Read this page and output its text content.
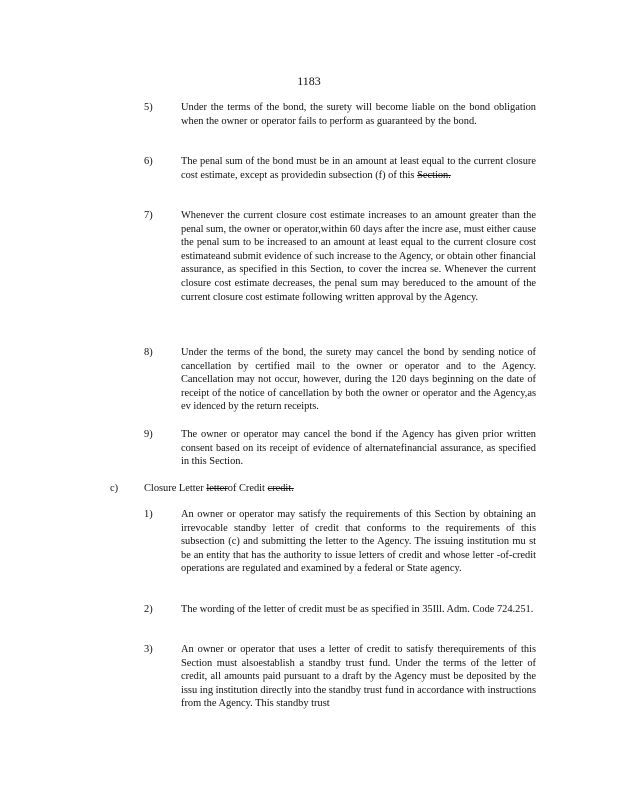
1183
5)	Under the terms of the bond, the surety will become liable on the bond obligation when the owner or operator fails to perform as guaranteed by the bond.
6)	The penal sum of the bond must be in an amount at least equal to the current closure cost estimate, except as providedin subsection (f) of this Section.
7)	Whenever the current closure cost estimate increases to an amount greater than the penal sum, the owner or operator,within 60 days after the incre ase, must either cause the penal sum to be increased to an amount at least equal to the current closure cost estimateand submit evidence of such increase to the Agency, or obtain other financial assurance, as specified in this Section, to cover the increa se. Whenever the current closure cost estimate decreases, the penal sum may bereduced to the amount of the current closure cost estimate following written approval by the Agency.
8)	Under the terms of the bond, the surety may cancel the bond by sending notice of cancellation by certified mail to the owner or operator and to the Agency. Cancellation may not occur, however, during the 120 days beginning on the date of receipt of the notice of cancellation by both the owner or operator and the Agency,as ev idenced by the return receipts.
9)	The owner or operator may cancel the bond if the Agency has given prior written consent based on its receipt of evidence of alternatefinancial assurance, as specified in this Section.
c) Closure Letter letterof Credit credit.
1)	An owner or operator may satisfy the requirements of this Section by obtaining an irrevocable standby letter of credit that conforms to the requirements of this subsection (c) and submitting the letter to the Agency. The issuing institution mu st be an entity that has the authority to issue letters of credit and whose letter -of-credit operations are regulated and examined by a federal or State agency.
2)	The wording of the letter of credit must be as specified in 35Ill. Adm. Code 724.251.
3)	An owner or operator that uses a letter of credit to satisfy therequirements of this Section must alsoestablish a standby trust fund. Under the terms of the letter of credit, all amounts paid pursuant to a draft by the Agency must be deposited by the issu ing institution directly into the standby trust fund in accordance with instructions from the Agency. This standby trust
